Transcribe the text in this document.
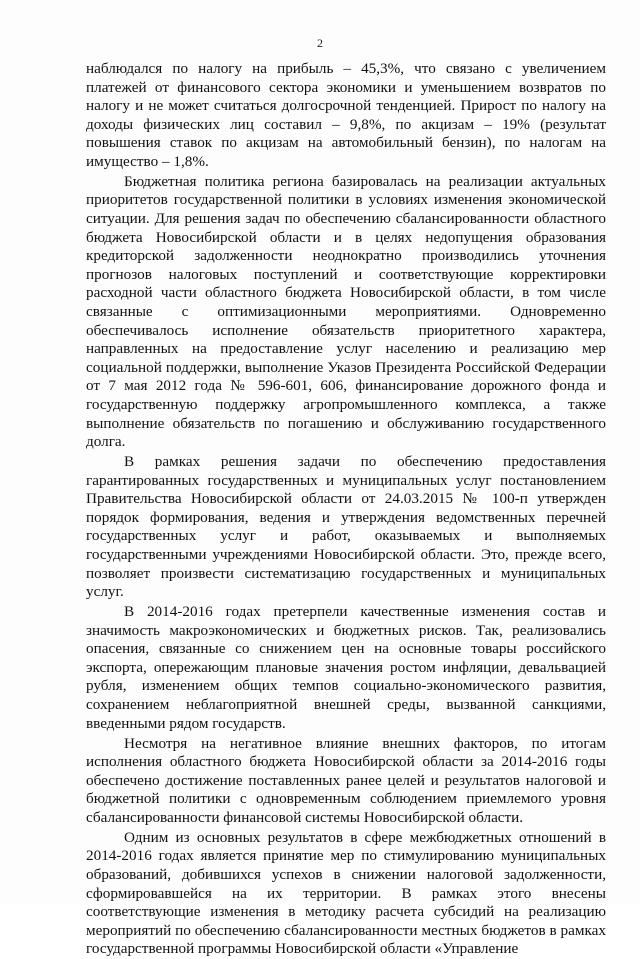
2

наблюдался по налогу на прибыль – 45,3%, что связано с увеличением платежей от финансового сектора экономики и уменьшением возвратов по налогу и не может считаться долгосрочной тенденцией. Прирост по налогу на доходы физических лиц составил – 9,8%, по акцизам – 19% (результат повышения ставок по акцизам на автомобильный бензин), по налогам на имущество – 1,8%.

Бюджетная политика региона базировалась на реализации актуальных приоритетов государственной политики в условиях изменения экономической ситуации. Для решения задач по обеспечению сбалансированности областного бюджета Новосибирской области и в целях недопущения образования кредиторской задолженности неоднократно производились уточнения прогнозов налоговых поступлений и соответствующие корректировки расходной части областного бюджета Новосибирской области, в том числе связанные с оптимизационными мероприятиями. Одновременно обеспечивалось исполнение обязательств приоритетного характера, направленных на предоставление услуг населению и реализацию мер социальной поддержки, выполнение Указов Президента Российской Федерации от 7 мая 2012 года № 596-601, 606, финансирование дорожного фонда и государственную поддержку агропромышленного комплекса, а также выполнение обязательств по погашению и обслуживанию государственного долга.

В рамках решения задачи по обеспечению предоставления гарантированных государственных и муниципальных услуг постановлением Правительства Новосибирской области от 24.03.2015 № 100-п утвержден порядок формирования, ведения и утверждения ведомственных перечней государственных услуг и работ, оказываемых и выполняемых государственными учреждениями Новосибирской области. Это, прежде всего, позволяет произвести систематизацию государственных и муниципальных услуг.

В 2014-2016 годах претерпели качественные изменения состав и значимость макроэкономических и бюджетных рисков. Так, реализовались опасения, связанные со снижением цен на основные товары российского экспорта, опережающим плановые значения ростом инфляции, девальвацией рубля, изменением общих темпов социально-экономического развития, сохранением неблагоприятной внешней среды, вызванной санкциями, введенными рядом государств.

Несмотря на негативное влияние внешних факторов, по итогам исполнения областного бюджета Новосибирской области за 2014-2016 годы обеспечено достижение поставленных ранее целей и результатов налоговой и бюджетной политики с одновременным соблюдением приемлемого уровня сбалансированности финансовой системы Новосибирской области.

Одним из основных результатов в сфере межбюджетных отношений в 2014-2016 годах является принятие мер по стимулированию муниципальных образований, добившихся успехов в снижении налоговой задолженности, сформировавшейся на их территории. В рамках этого внесены соответствующие изменения в методику расчета субсидий на реализацию мероприятий по обеспечению сбалансированности местных бюджетов в рамках государственной программы Новосибирской области «Управление
